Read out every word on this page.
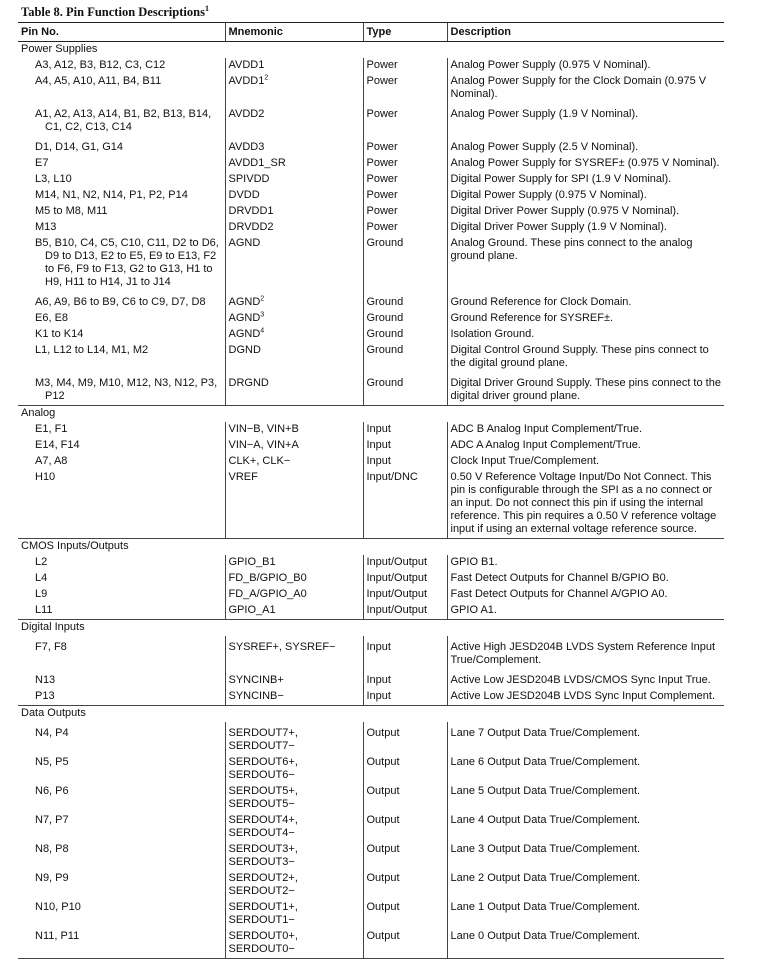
Table 8. Pin Function Descriptions$^1$
Pin No.	Mnemonic	Type	Description
Power Supplies			

A3, A12, B3, B12, C3, C12	AVDD1	Power	Analog Power Supply (0.975 V Nominal).

A4, A5, A10, A11, B4, B11	$AVDD1^2$	Power	Analog Power Supply for the Clock Domain (0.975 V Nominal).

A1, A2, A13, A14, B1, B2, B13, B14, C1, C2, C13, C14	AVDD2	Power	Analog Power Supply (1.9 V Nominal).

D1, D14, G1, G14	AVDD3	Power	Analog Power Supply (2.5 V Nominal).

E7	AVDD1_SR	Power	Analog Power Supply for SYSREF± (0.975 V Nominal).

L3, L10	SPIVDD	Power	Digital Power Supply for SPI (1.9 V Nominal).

M14, N1, N2, N14, P1, P2, P14	DVDD	Power	Digital Power Supply (0.975 V Nominal).

M5 to M8, M11	DRVDD1	Power	Digital Driver Power Supply (0.975 V Nominal).

M13	DRVDD2	Power	Digital Driver Power Supply (1.9 V Nominal).

B5, B10, C4, C5, C10, C11, D2 to D6, D9 to D13, E2 to E5, E9 to E13, F2 to F6, F9 to F13, G2 to G13, H1 to H9, H11 to H14, J1 to J14	AGND	Ground	Analog Ground. These pins connect to the analog ground plane.

A6, A9, B6 to B9, C6 to C9, D7, D8	AGND$^2$	Ground	Ground Reference for Clock Domain.

E6, E8	AGND$^3$	Ground	Ground Reference for SYSREF±.

K1 to K14	AGND$^4$	Ground	Isolation Ground.

L1, L12 to L14, M1, M2	DGND	Ground	Digital Control Ground Supply. These pins connect to the digital ground plane.

M3, M4, M9, M10, M12, N3, N12, P3, P12	DRGND	Ground	Digital Driver Ground Supply. These pins connect to the digital driver ground plane.

Analog			

E1, F1	VIN−B, VIN+B	Input	ADC B Analog Input Complement/True.

E14, F14	VIN−A, VIN+A	Input	ADC A Analog Input Complement/True.

A7, A8	CLK+, CLK−	Input	Clock Input True/Complement.

H10	VREF	Input/DNC	0.50 V Reference Voltage Input/Do Not Connect. This pin is configurable through the SPI as a no connect or an input. Do not connect this pin if using the internal reference. This pin requires a 0.50 V reference voltage input if using an external voltage reference source.

CMOS Inputs/Outputs			

L2	GPIO_B1	Input/Output	GPIO B1.

L4	FD_B/GPIO_B0	Input/Output	Fast Detect Outputs for Channel B/GPIO B0.

L9	FD_A/GPIO_A0	Input/Output	Fast Detect Outputs for Channel A/GPIO A0.

L11	GPIO_A1	Input/Output	GPIO A1.

Digital Inputs			

F7, F8	SYSREF+, SYSREF−	Input	Active High JESD204B LVDS System Reference Input True/Complement.

N13	SYNCINB+	Input	Active Low JESD204B LVDS/CMOS Sync Input True.

P13	SYNCINB−	Input	Active Low JESD204B LVDS Sync Input Complement.

Data Outputs			

N4, P4	SERDOUT7+, SERDOUT7−	Output	Lane 7 Output Data True/Complement.

N5, P5	SERDOUT6+, SERDOUT6−	Output	Lane 6 Output Data True/Complement.

N6, P6	SERDOUT5+, SERDOUT5−	Output	Lane 5 Output Data True/Complement.

N7, P7	SERDOUT4+, SERDOUT4−	Output	Lane 4 Output Data True/Complement.

N8, P8	SERDOUT3+, SERDOUT3−	Output	Lane 3 Output Data True/Complement.

N9, P9	SERDOUT2+, SERDOUT2−	Output	Lane 2 Output Data True/Complement.

N10, P10	SERDOUT1+, SERDOUT1−	Output	Lane 1 Output Data True/Complement.

N11, P11	SERDOUT0+, SERDOUT0−	Output	Lane 0 Output Data True/Complement.
